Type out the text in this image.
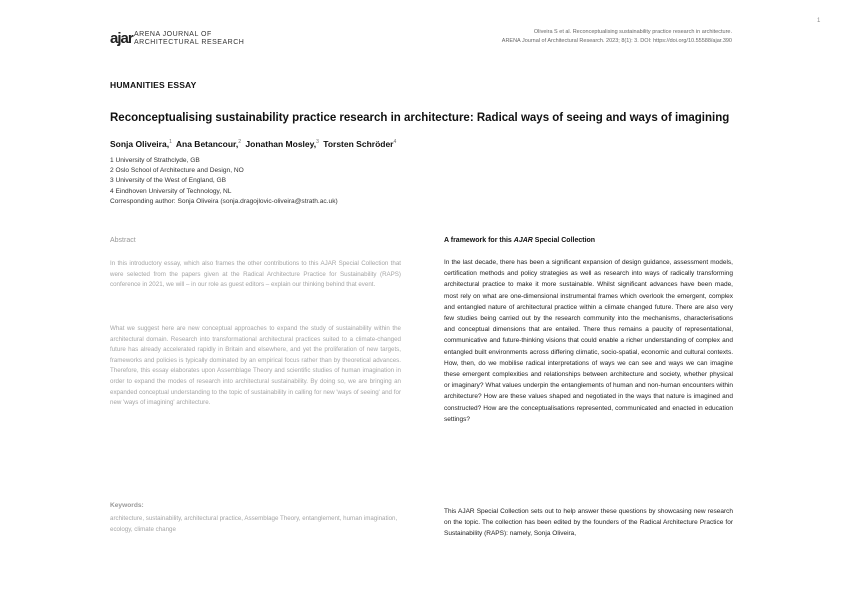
1
ajar ARENA JOURNAL OF
ARCHITECTURAL RESEARCH
Oliveira S et al. Reconceptualising sustainability practice research in architecture.
ARENA Journal of Architectural Research. 2023; 8(1): 3. DOI: https://doi.org/10.55588/ajar.390
HUMANITIES ESSAY
Reconceptualising sustainability practice research in architecture: Radical ways of seeing and ways of imagining
Sonja Oliveira,$^1$ Ana Betancour,$^2$ Jonathan Mosley,$^3$ Torsten Schröder$^4$
1 University of Strathclyde, GB
2 Oslo School of Architecture and Design, NO
3 University of the West of England, GB
4 Eindhoven University of Technology, NL
Corresponding author: Sonja Oliveira (sonja.dragojlovic-oliveira@strath.ac.uk)
Abstract
In this introductory essay, which also frames the other contributions to this AJAR Special Collection that were selected from the papers given at the Radical Architecture Practice for Sustainability (RAPS) conference in 2021, we will – in our role as guest editors – explain our thinking behind that event.
What we suggest here are new conceptual approaches to expand the study of sustainability within the architectural domain. Research into transformational architectural practices suited to a climate-changed future has already accelerated rapidly in Britain and elsewhere, and yet the proliferation of new targets, frameworks and policies is typically dominated by an empirical focus rather than by theoretical advances. Therefore, this essay elaborates upon Assemblage Theory and scientific studies of human imagination in order to expand the modes of research into architectural sustainability. By doing so, we are bringing an expanded conceptual understanding to the topic of sustainability in calling for new 'ways of seeing' and for new 'ways of imagining' architecture.
Keywords:
architecture, sustainability, architectural practice, Assemblage Theory, entanglement, human imagination, ecology, climate change
A framework for this AJAR Special Collection
In the last decade, there has been a significant expansion of design guidance, assessment models, certification methods and policy strategies as well as research into ways of radically transforming architectural practice to make it more sustainable. Whilst significant advances have been made, most rely on what are one-dimensional instrumental frames which overlook the emergent, complex and entangled nature of architectural practice within a climate changed future. There are also very few studies being carried out by the research community into the mechanisms, characterisations and conceptual dimensions that are entailed. There thus remains a paucity of representational, communicative and future-thinking visions that could enable a richer understanding of complex and entangled built environments across differing climatic, socio-spatial, economic and cultural contexts. How, then, do we mobilise radical interpretations of ways we can see and ways we can imagine these emergent complexities and relationships between architecture and society, whether physical or imaginary? What values underpin the entanglements of human and non-human encounters within architecture? How are these values shaped and negotiated in the ways that nature is imagined and constructed? How are the conceptualisations represented, communicated and enacted in education settings?
This AJAR Special Collection sets out to help answer these questions by showcasing new research on the topic. The collection has been edited by the founders of the Radical Architecture Practice for Sustainability (RAPS): namely, Sonja Oliveira,
